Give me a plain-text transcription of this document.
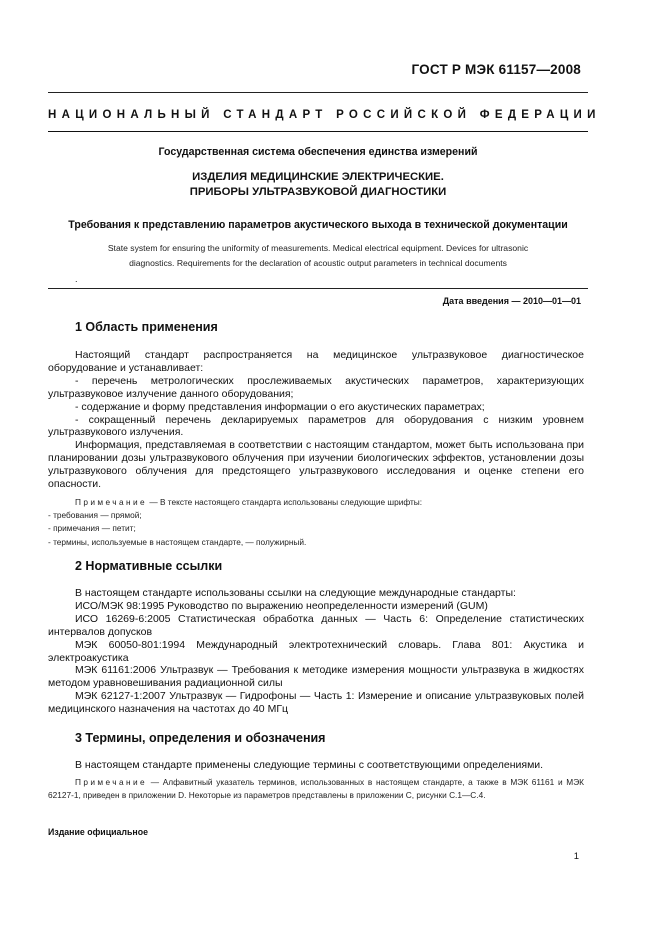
ГОСТ Р МЭК 61157—2008
НАЦИОНАЛЬНЫЙ СТАНДАРТ РОССИЙСКОЙ ФЕДЕРАЦИИ
Государственная система обеспечения единства измерений
ИЗДЕЛИЯ МЕДИЦИНСКИЕ ЭЛЕКТРИЧЕСКИЕ.
ПРИБОРЫ УЛЬТРАЗВУКОВОЙ ДИАГНОСТИКИ
Требования к представлению параметров акустического выхода в технической документации
State system for ensuring the uniformity of measurements. Medical electrical equipment. Devices for ultrasonic
diagnostics. Requirements for the declaration of acoustic output parameters in technical documents
.
Дата введения — 2010—01—01
1 Область применения

Настоящий стандарт распространяется на медицинское ультразвуковое диагностическое оборудование и устанавливает:

- перечень метрологических прослеживаемых акустических параметров, характеризующих ультразвуковое излучение данного оборудования;

- содержание и форму представления информации о его акустических параметрах;

- сокращенный перечень декларируемых параметров для оборудования с низким уровнем ультразвукового излучения.

Информация, представляемая в соответствии с настоящим стандартом, может быть использована при планировании дозы ультразвукового облучения при изучении биологических эффектов, установлении дозы ультразвукового облучения для предстоящего ультразвукового исследования и оценке степени его опасности.

Примечание — В тексте настоящего стандарта использованы следующие шрифты:

- требования — прямой;

- примечания — петит;

- термины, используемые в настоящем стандарте, — полужирный.

2 Нормативные ссылки

В настоящем стандарте использованы ссылки на следующие международные стандарты:

ИСО/МЭК 98:1995 Руководство по выражению неопределенности измерений (GUM)

ИСО 16269-6:2005 Статистическая обработка данных — Часть 6: Определение статистических интервалов допусков

МЭК 60050-801:1994 Международный электротехнический словарь. Глава 801: Акустика и электроакустика

МЭК 61161:2006 Ультразвук — Требования к методике измерения мощности ультразвука в жидкостях методом уравновешивания радиационной силы

МЭК 62127-1:2007 Ультразвук — Гидрофоны — Часть 1: Измерение и описание ультразвуковых полей медицинского назначения на частотах до 40 МГц

3 Термины, определения и обозначения

В настоящем стандарте применены следующие термины с соответствующими определениями.

Примечание — Алфавитный указатель терминов, использованных в настоящем стандарте, а также в МЭК 61161 и МЭК 62127-1, приведен в приложении D. Некоторые из параметров представлены в приложении С, рисунки С.1—С.4.

Издание официальное
1
